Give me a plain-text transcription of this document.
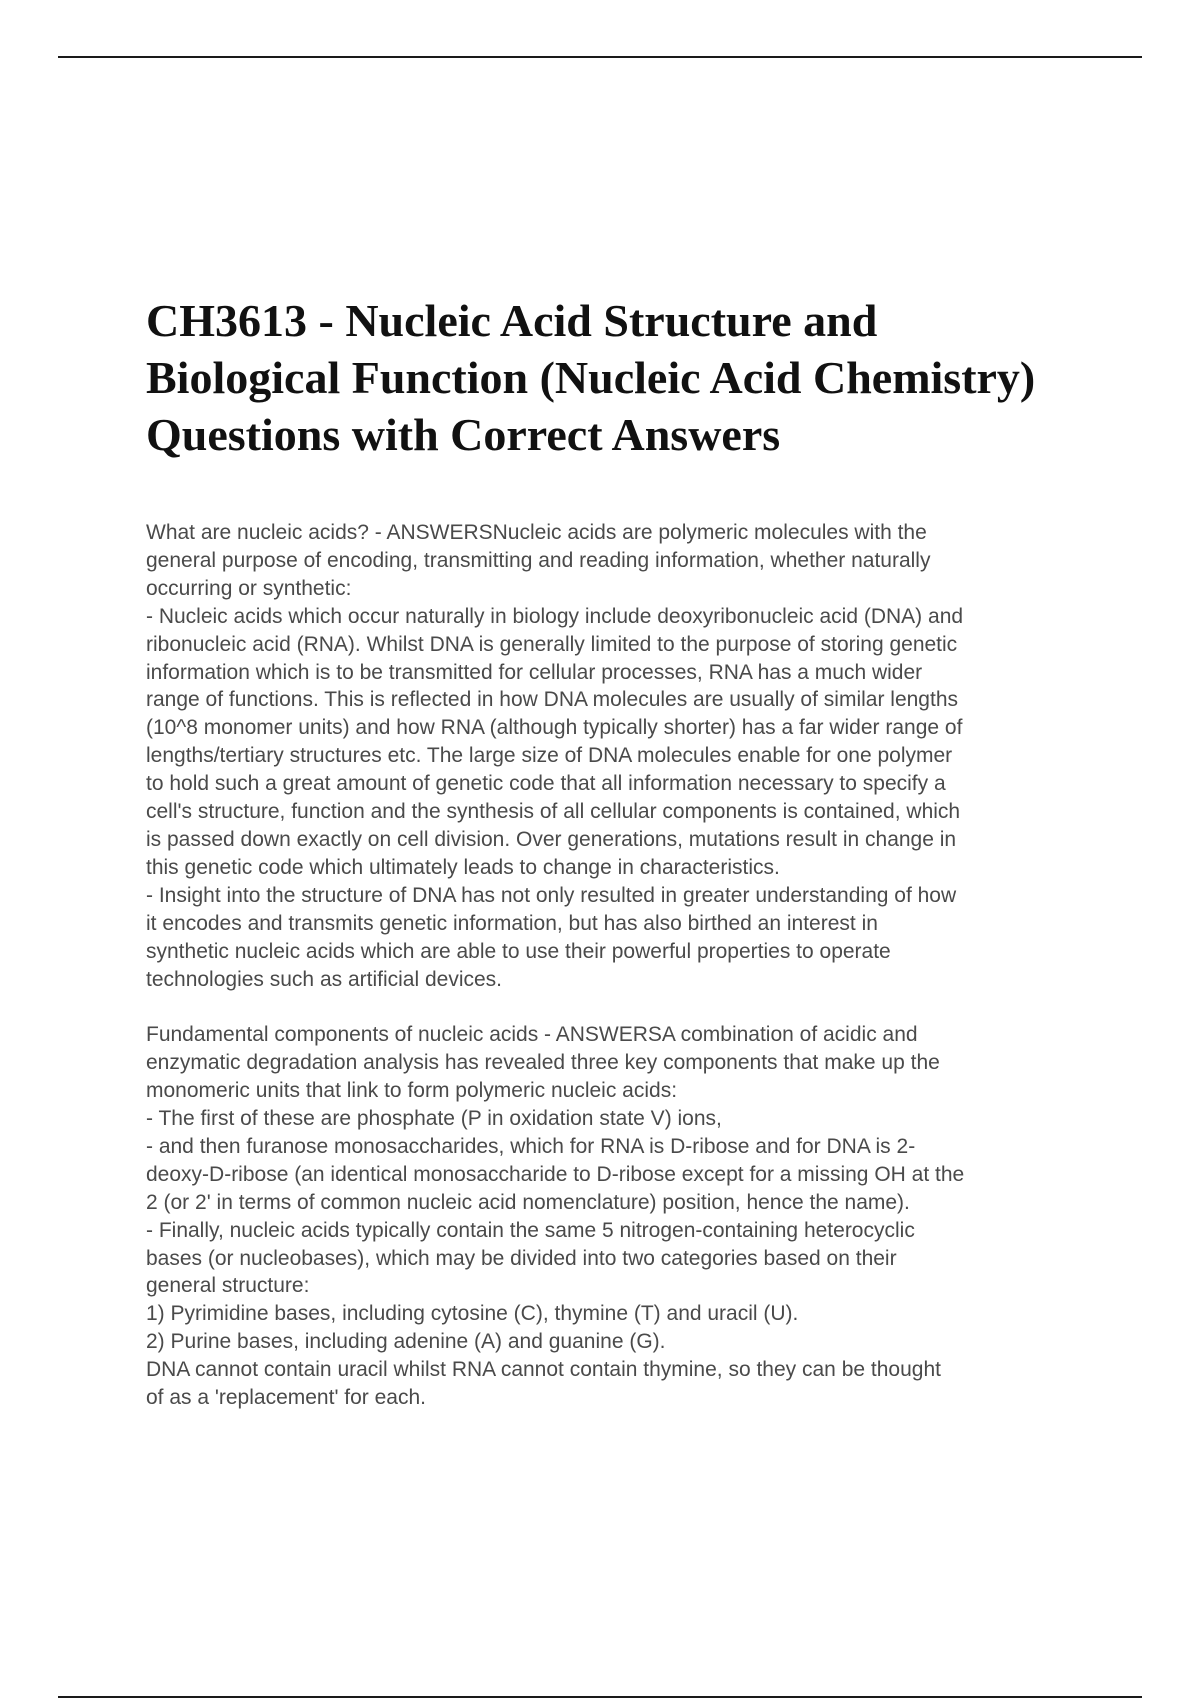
CH3613 - Nucleic Acid Structure and
Biological Function (Nucleic Acid Chemistry)
Questions with Correct Answers
What are nucleic acids? - ANSWERSNucleic acids are polymeric molecules with the
general purpose of encoding, transmitting and reading information, whether naturally
occurring or synthetic:
- Nucleic acids which occur naturally in biology include deoxyribonucleic acid (DNA) and
ribonucleic acid (RNA). Whilst DNA is generally limited to the purpose of storing genetic
information which is to be transmitted for cellular processes, RNA has a much wider
range of functions. This is reflected in how DNA molecules are usually of similar lengths
(10^8 monomer units) and how RNA (although typically shorter) has a far wider range of
lengths/tertiary structures etc. The large size of DNA molecules enable for one polymer
to hold such a great amount of genetic code that all information necessary to specify a
cell's structure, function and the synthesis of all cellular components is contained, which
is passed down exactly on cell division. Over generations, mutations result in change in
this genetic code which ultimately leads to change in characteristics.
- Insight into the structure of DNA has not only resulted in greater understanding of how
it encodes and transmits genetic information, but has also birthed an interest in
synthetic nucleic acids which are able to use their powerful properties to operate
technologies such as artificial devices.
Fundamental components of nucleic acids - ANSWERSA combination of acidic and
enzymatic degradation analysis has revealed three key components that make up the
monomeric units that link to form polymeric nucleic acids:
- The first of these are phosphate (P in oxidation state V) ions,
- and then furanose monosaccharides, which for RNA is D-ribose and for DNA is 2-
deoxy-D-ribose (an identical monosaccharide to D-ribose except for a missing OH at the
2 (or 2' in terms of common nucleic acid nomenclature) position, hence the name).
- Finally, nucleic acids typically contain the same 5 nitrogen-containing heterocyclic
bases (or nucleobases), which may be divided into two categories based on their
general structure:
1) Pyrimidine bases, including cytosine (C), thymine (T) and uracil (U).
2) Purine bases, including adenine (A) and guanine (G).
DNA cannot contain uracil whilst RNA cannot contain thymine, so they can be thought
of as a 'replacement' for each.
